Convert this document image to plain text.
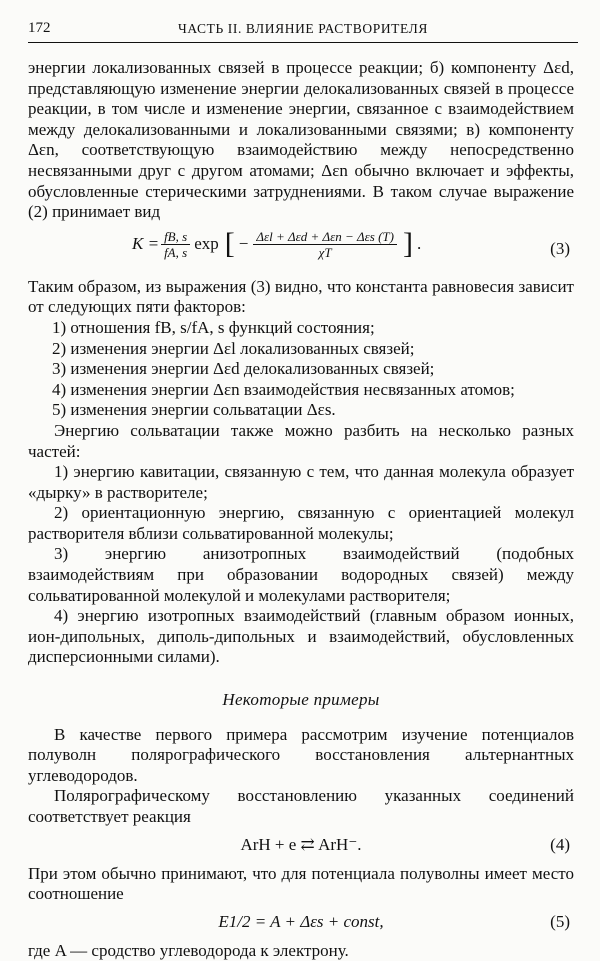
172	ЧАСТЬ II. ВЛИЯНИЕ РАСТВОРИТЕЛЯ

энергии локализованных связей в процессе реакции; б) компоненту Δεd, представляющую изменение энергии делокализованных связей в процессе реакции, в том числе и изменение энергии, связанное с взаимодействием между делокализованными и локализованными связями; в) компоненту Δεn, соответствующую взаимодействию между непосредственно несвязанными друг с другом атомами; Δεn обычно включает и эффекты, обусловленные стерическими затруднениями. В таком случае выражение (2) принимает вид

$K = \frac{fB, s}{fA, s}$ exp [ − $\frac{\text{Δεl + Δεd + Δεn − Δεs (T)}}{\chi T}$ ] .	(3)

Таким образом, из выражения (3) видно, что константа равновесия зависит от следующих пяти факторов:

1) отношения fB, s/fA, s функций состояния;

2) изменения энергии Δεl локализованных связей;

3) изменения энергии Δεd делокализованных связей;

4) изменения энергии Δεn взаимодействия несвязанных атомов;

5) изменения энергии сольватации Δεs.

Энергию сольватации также можно разбить на несколько разных частей:

1) энергию кавитации, связанную с тем, что данная молекула образует «дырку» в растворителе;

2) ориентационную энергию, связанную с ориентацией молекул растворителя вблизи сольватированной молекулы;

3) энергию анизотропных взаимодействий (подобных взаимодействиям при образовании водородных связей) между сольватированной молекулой и молекулами растворителя;

4) энергию изотропных взаимодействий (главным образом ионных, ион-дипольных, диполь-дипольных и взаимодействий, обусловленных дисперсионными силами).

Некоторые примеры

В качестве первого примера рассмотрим изучение потенциалов полуволн полярографического восстановления альтернантных углеводородов.

Полярографическому восстановлению указанных соединений соответствует реакция

ArH + e ⇄ ArH⁻.	(4)

При этом обычно принимают, что для потенциала полуволны имеет место соотношение

E1/2 = A + Δεs + const,	(5)

где A — сродство углеводорода к электрону.
